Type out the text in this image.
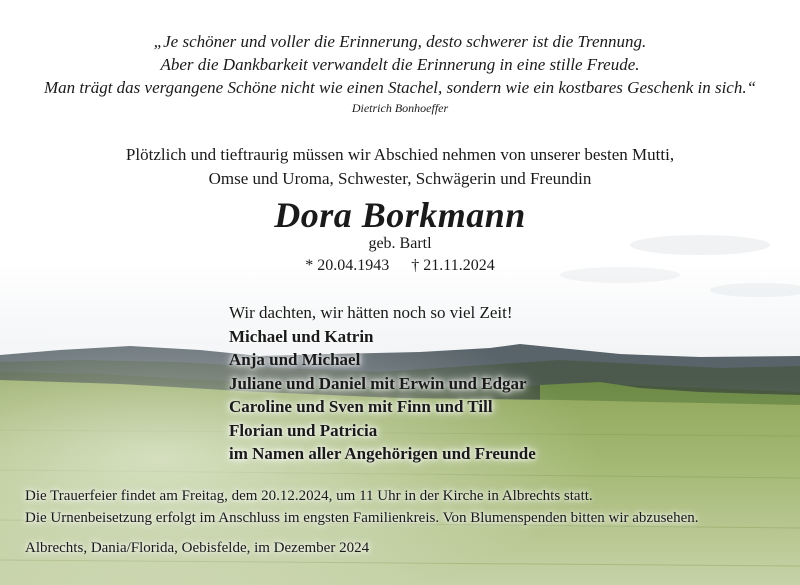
„Je schöner und voller die Erinnerung, desto schwerer ist die Trennung.
Aber die Dankbarkeit verwandelt die Erinnerung in eine stille Freude.
Man trägt das vergangene Schöne nicht wie einen Stachel, sondern wie ein kostbares Geschenk in sich.“
Dietrich Bonhoeffer
Plötzlich und tieftraurig müssen wir Abschied nehmen von unserer besten Mutti,
Omse und Uroma, Schwester, Schwägerin und Freundin
Dora Borkmann
geb. Bartl
* 20.04.1943 † 21.11.2024
Wir dachten, wir hätten noch so viel Zeit!
Michael und Katrin
Anja und Michael
Juliane und Daniel mit Erwin und Edgar
Caroline und Sven mit Finn und Till
Florian und Patricia
im Namen aller Angehörigen und Freunde
Die Trauerfeier findet am Freitag, dem 20.12.2024, um 11 Uhr in der Kirche in Albrechts statt.
Die Urnenbeisetzung erfolgt im Anschluss im engsten Familienkreis. Von Blumenspenden bitten wir abzusehen.
Albrechts, Dania/Florida, Oebisfelde, im Dezember 2024
